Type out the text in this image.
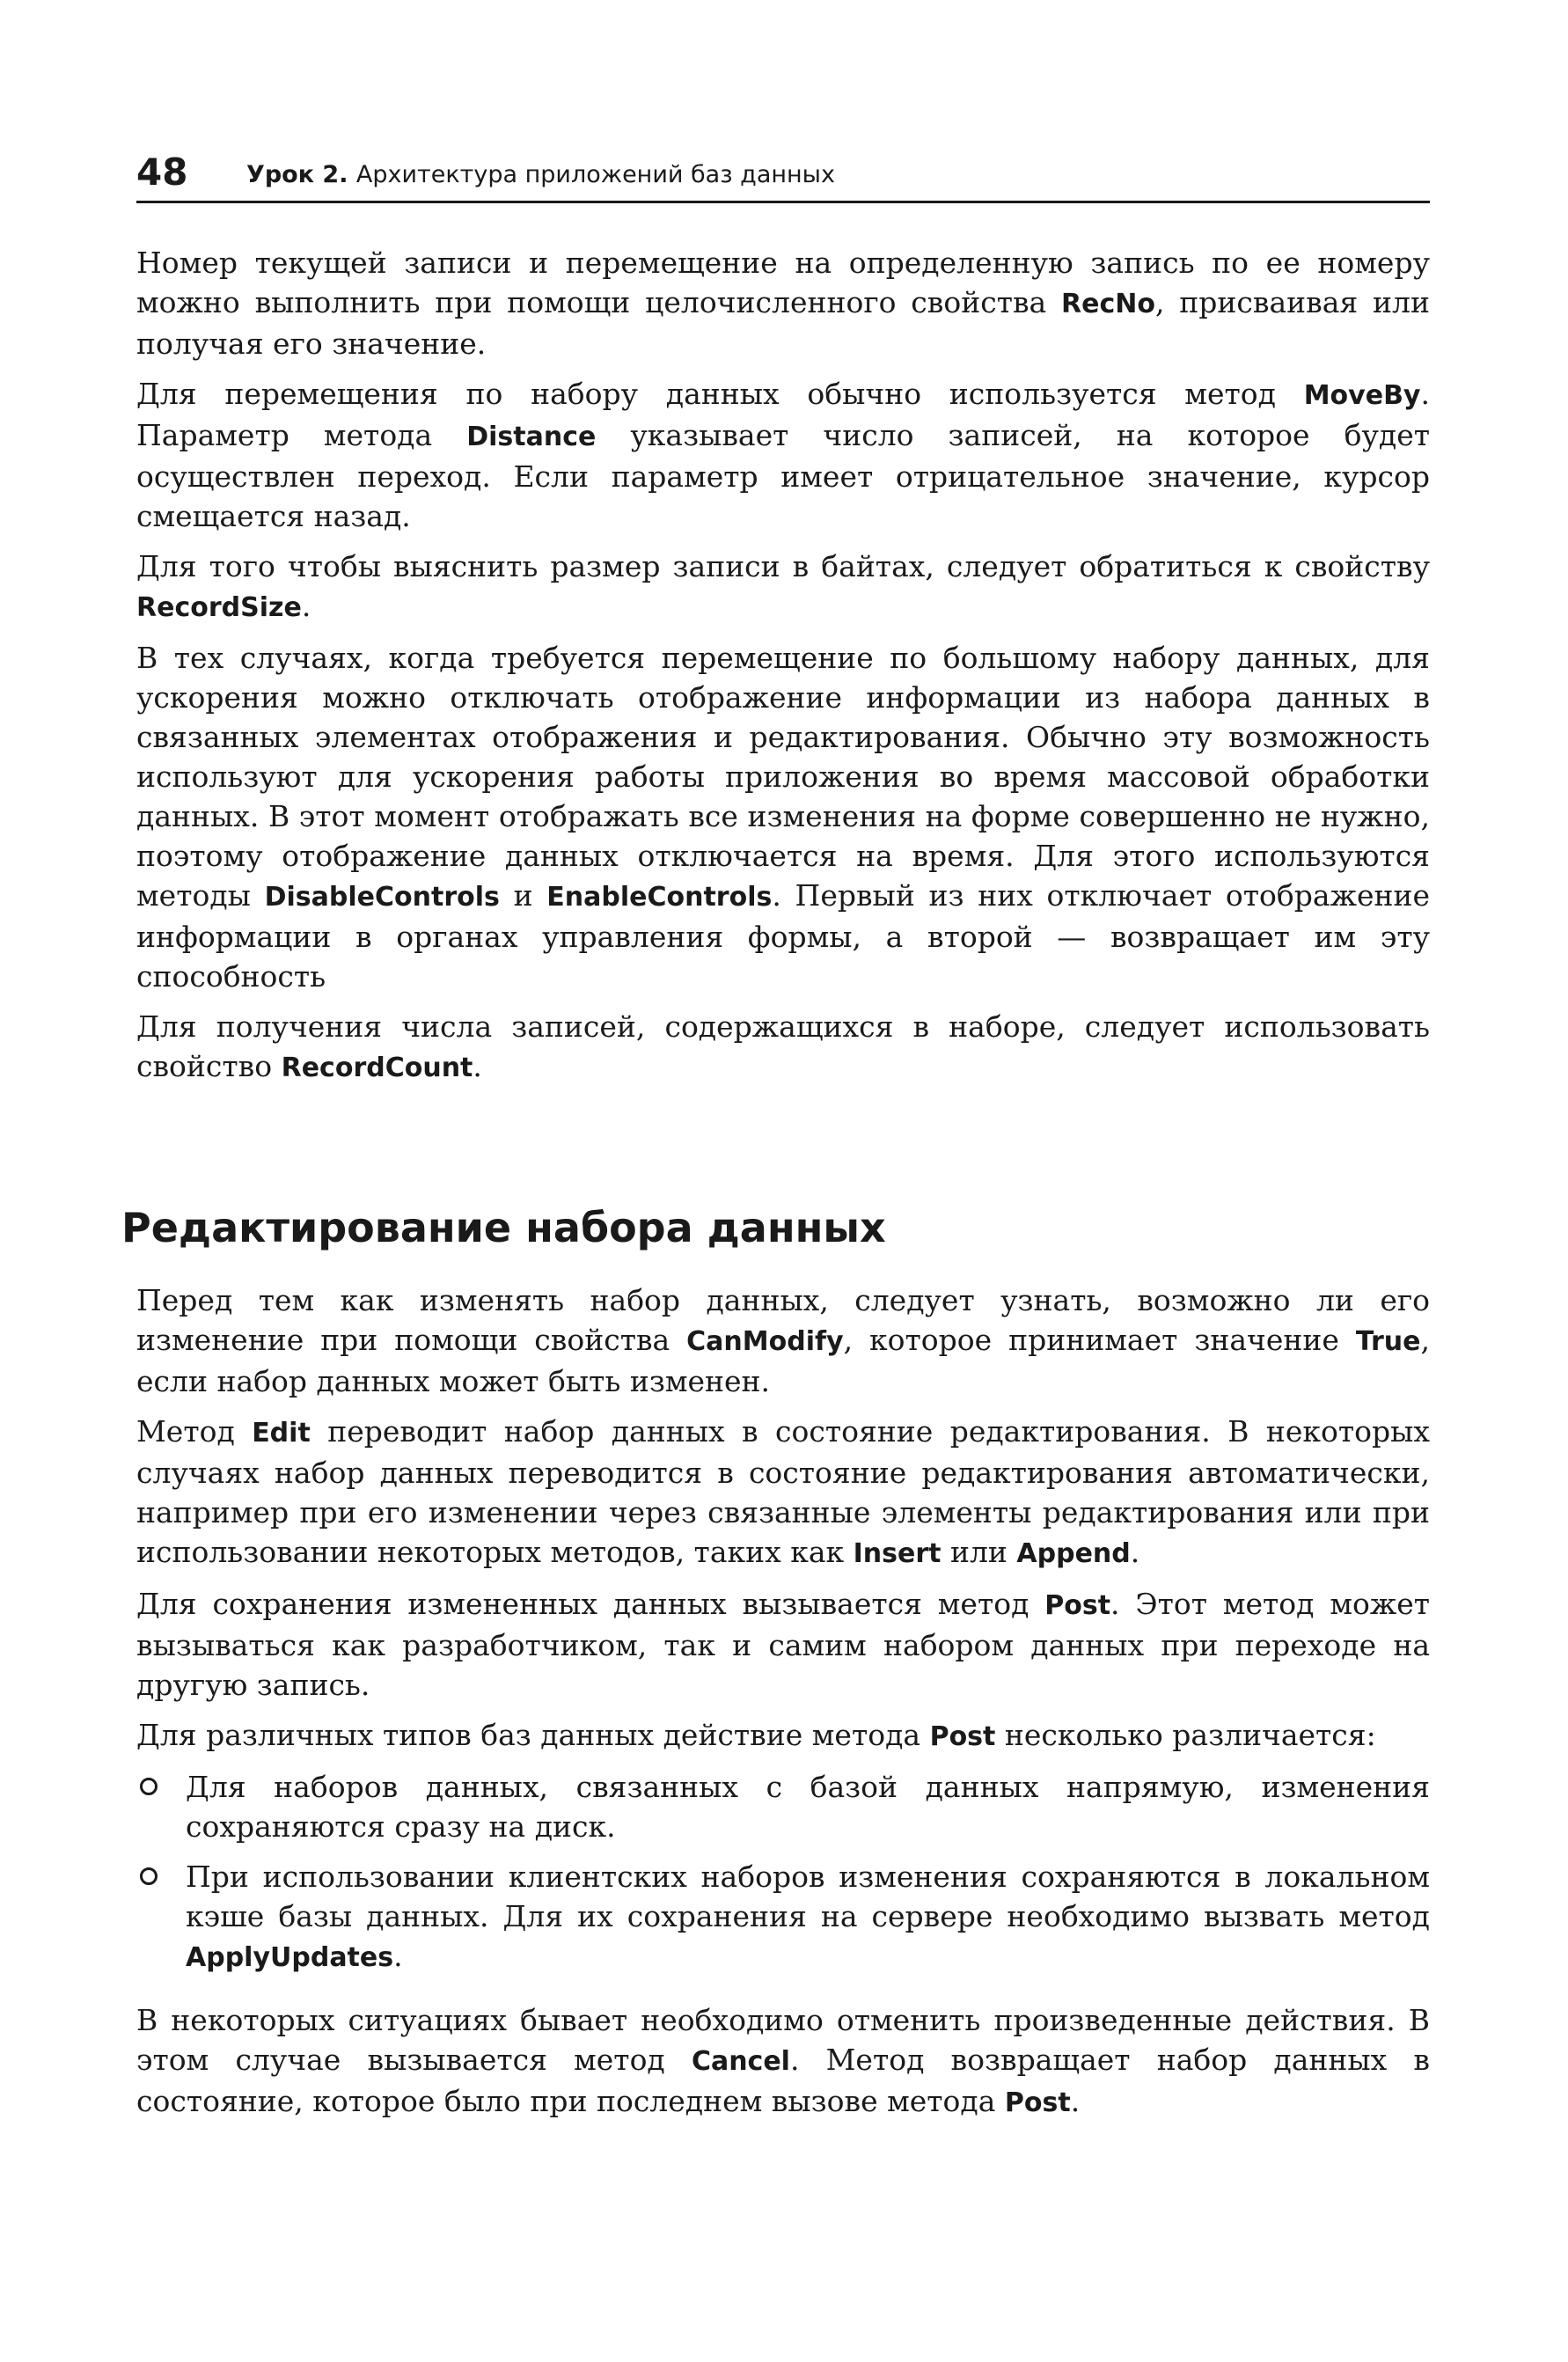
48 Урок 2. Архитектура приложений баз данных

Номер текущей записи и перемещение на определенную запись по ее номеру можно выполнить при помощи целочисленного свойства RecNo, присваивая или получая его значение.

Для перемещения по набору данных обычно используется метод MoveBy. Параметр метода Distance указывает число записей, на которое будет осуществлен переход. Если параметр имеет отрицательное значение, курсор смещается назад.

Для того чтобы выяснить размер записи в байтах, следует обратиться к свойству RecordSize.

В тех случаях, когда требуется перемещение по большому набору данных, для ускорения можно отключать отображение информации из набора данных в связанных элементах отображения и редактирования. Обычно эту возможность используют для ускорения работы приложения во время массовой обработки данных. В этот момент отображать все изменения на форме совершенно не нужно, поэтому отображение данных отключается на время. Для этого используются методы DisableControls и EnableControls. Первый из них отключает отображение информации в органах управления формы, а второй — возвращает им эту способность

Для получения числа записей, содержащихся в наборе, следует использовать свойство RecordCount.

Редактирование набора данных

Перед тем как изменять набор данных, следует узнать, возможно ли его изменение при помощи свойства CanModify, которое принимает значение True, если набор данных может быть изменен.

Метод Edit переводит набор данных в состояние редактирования. В некоторых случаях набор данных переводится в состояние редактирования автоматически, например при его изменении через связанные элементы редактирования или при использовании некоторых методов, таких как Insert или Append.

Для сохранения измененных данных вызывается метод Post. Этот метод может вызываться как разработчиком, так и самим набором данных при переходе на другую запись.

Для различных типов баз данных действие метода Post несколько различается:

Для наборов данных, связанных с базой данных напрямую, изменения сохраняются сразу на диск.
При использовании клиентских наборов изменения сохраняются в локальном кэше базы данных. Для их сохранения на сервере необходимо вызвать метод ApplyUpdates.

В некоторых ситуациях бывает необходимо отменить произведенные действия. В этом случае вызывается метод Cancel. Метод возвращает набор данных в состояние, которое было при последнем вызове метода Post.
